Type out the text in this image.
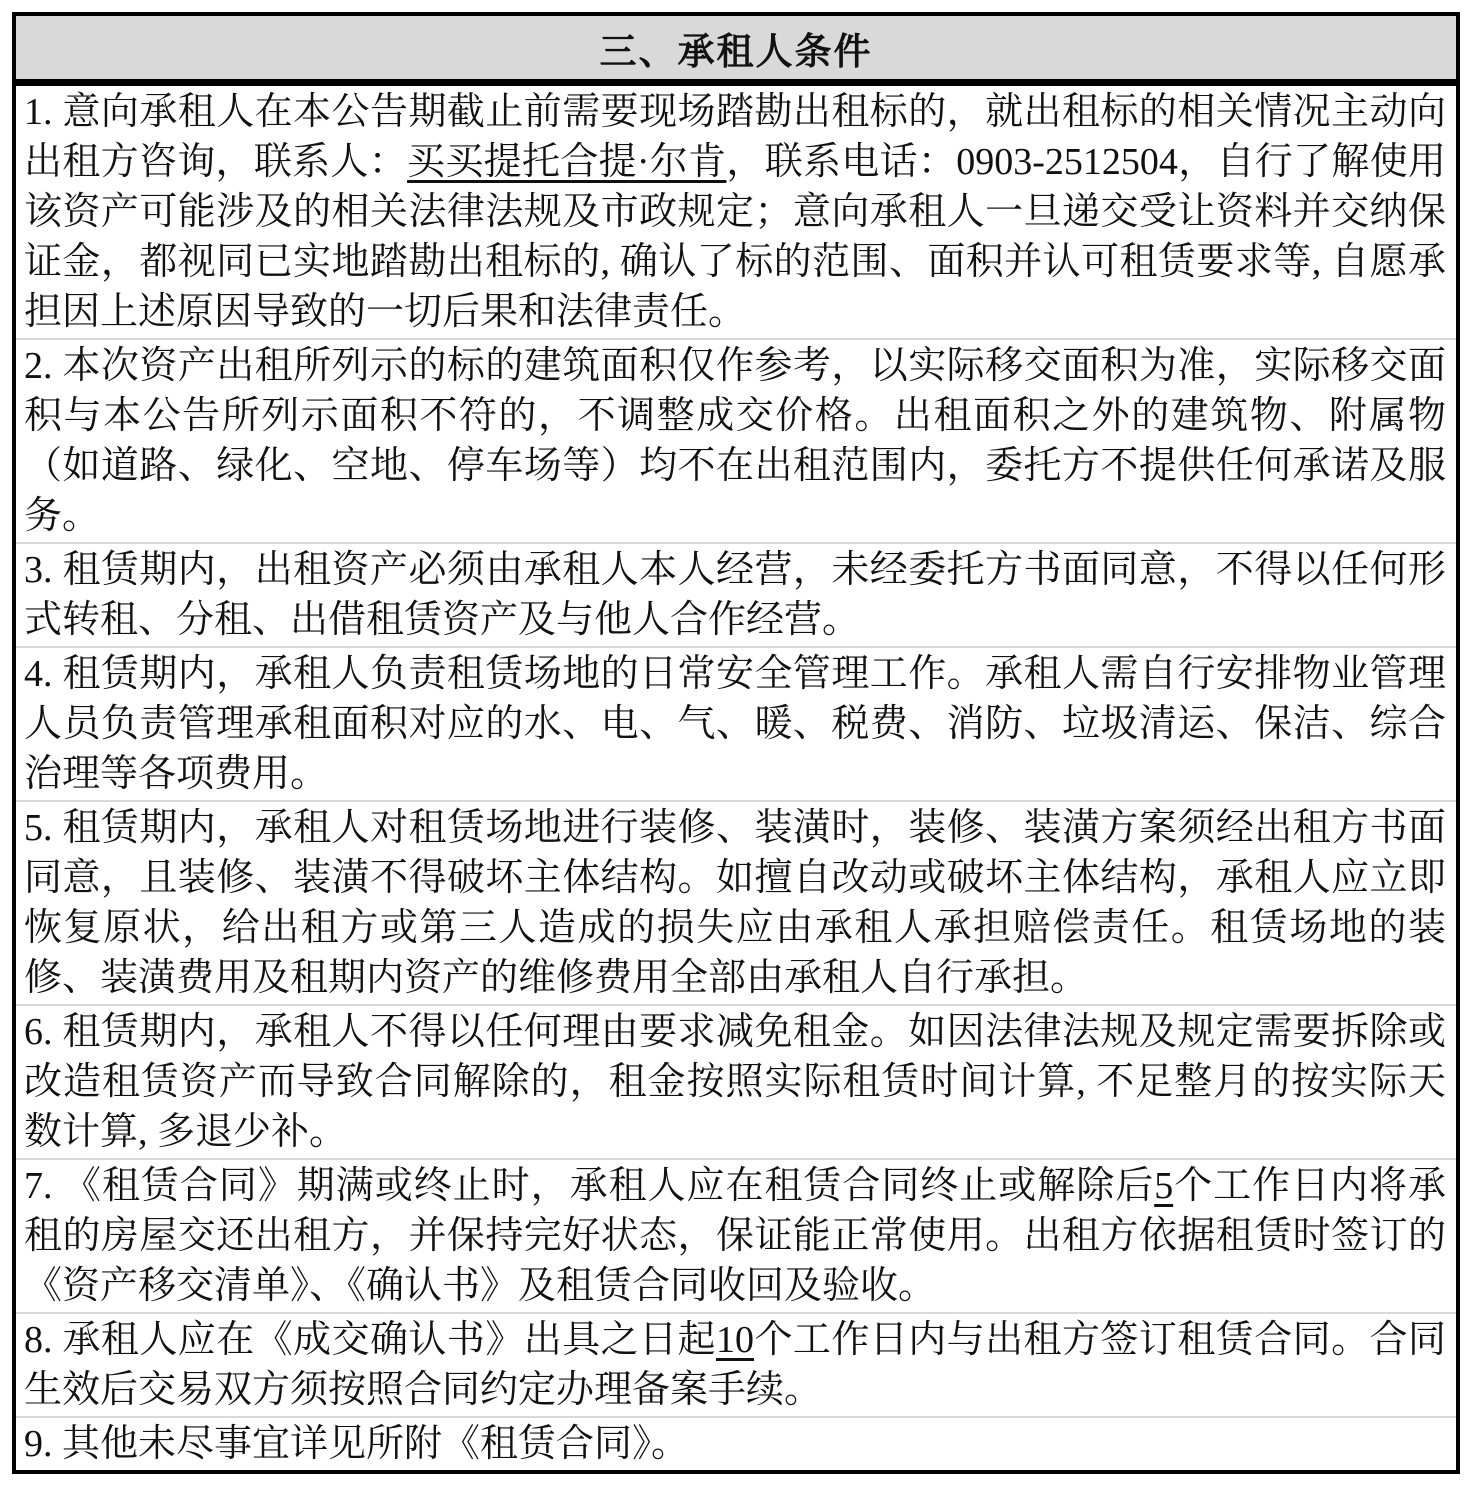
三、承租人条件
1. 意向承租人在本公告期截止前需要现场踏勘出租标的，就出租标的相关情况主动向出租方咨询，联系人：买买提托合提·尔肯，联系电话：0903-2512504，自行了解使用该资产可能涉及的相关法律法规及市政规定；意向承租人一旦递交受让资料并交纳保证金，都视同已实地踏勘出租标的, 确认了标的范围、面积并认可租赁要求等, 自愿承担因上述原因导致的一切后果和法律责任。
2. 本次资产出租所列示的标的建筑面积仅作参考，以实际移交面积为准，实际移交面积与本公告所列示面积不符的，不调整成交价格。出租面积之外的建筑物、附属物（如道路、绿化、空地、停车场等）均不在出租范围内，委托方不提供任何承诺及服务。
3. 租赁期内，出租资产必须由承租人本人经营，未经委托方书面同意，不得以任何形式转租、分租、出借租赁资产及与他人合作经营。
4. 租赁期内，承租人负责租赁场地的日常安全管理工作。承租人需自行安排物业管理人员负责管理承租面积对应的水、电、气、暖、税费、消防、垃圾清运、保洁、综合治理等各项费用。
5. 租赁期内，承租人对租赁场地进行装修、装潢时，装修、装潢方案须经出租方书面同意，且装修、装潢不得破坏主体结构。如擅自改动或破坏主体结构，承租人应立即恢复原状，给出租方或第三人造成的损失应由承租人承担赔偿责任。租赁场地的装修、装潢费用及租期内资产的维修费用全部由承租人自行承担。
6. 租赁期内，承租人不得以任何理由要求减免租金。如因法律法规及规定需要拆除或改造租赁资产而导致合同解除的，租金按照实际租赁时间计算, 不足整月的按实际天数计算, 多退少补。
7. 《租赁合同》期满或终止时，承租人应在租赁合同终止或解除后5个工作日内将承租的房屋交还出租方，并保持完好状态，保证能正常使用。出租方依据租赁时签订的《资产移交清单》、《确认书》及租赁合同收回及验收。
8. 承租人应在《成交确认书》出具之日起10个工作日内与出租方签订租赁合同。合同生效后交易双方须按照合同约定办理备案手续。
9. 其他未尽事宜详见所附《租赁合同》。
